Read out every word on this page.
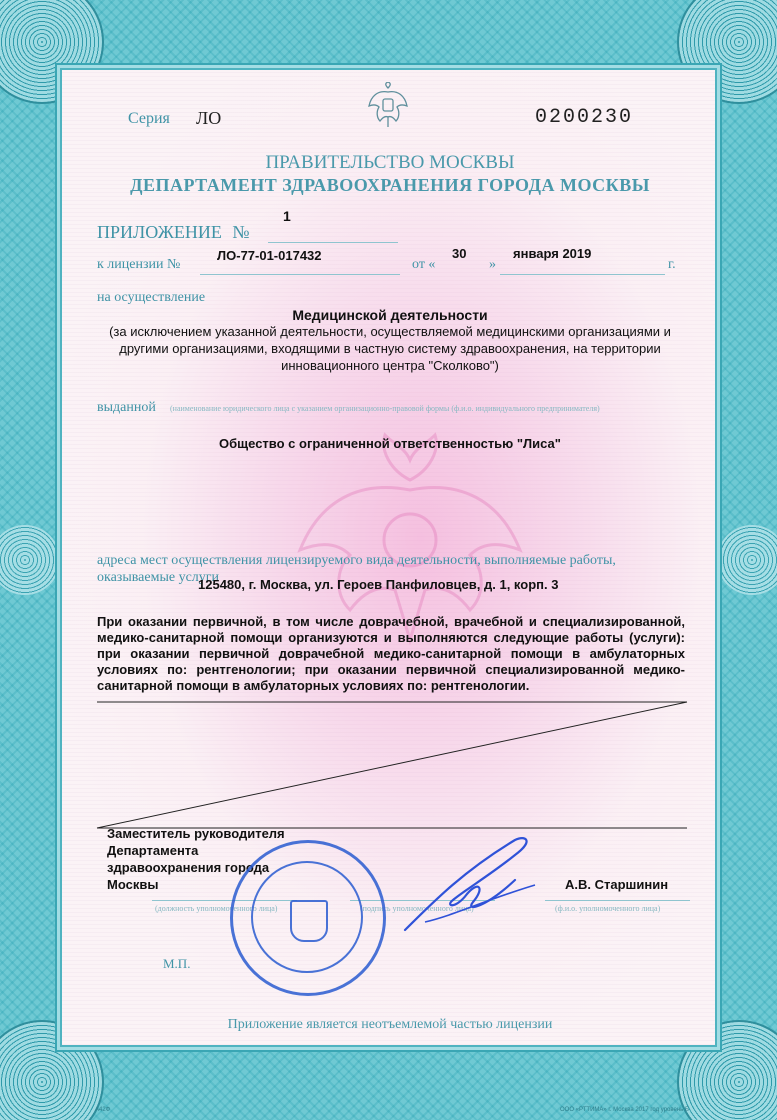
Серия ЛО	0200230
ПРАВИТЕЛЬСТВО МОСКВЫ
ДЕПАРТАМЕНТ ЗДРАВООХРАНЕНИЯ ГОРОДА МОСКВЫ
ПРИЛОЖЕНИЕ №
1
к лицензии №
ЛО-77-01-017432
от «
30
»
января 2019
г.
на осуществление
Медицинской деятельности
(за исключением указанной деятельности, осуществляемой медицинскими организациями и другими организациями, входящими в частную систему здравоохранения, на территории инновационного центра "Сколково")
выданной (наименование юридического лица с указанием организационно-правовой формы (ф.и.о. индивидуального предпринимателя)
Общество с ограниченной ответственностью "Лиса"
адреса мест осуществления лицензируемого вида деятельности, выполняемые работы, оказываемые услуги
125480, г. Москва, ул. Героев Панфиловцев, д. 1, корп. 3
При оказании первичной, в том числе доврачебной, врачебной и специализированной, медико-санитарной помощи организуются и выполняются следующие работы (услуги): при оказании первичной доврачебной медико-санитарной помощи в амбулаторных условиях по: рентгенологии; при оказании первичной специализированной медико-санитарной помощи в амбулаторных условиях по: рентгенологии.
Заместитель руководителя
Департамента
здравоохранения города
Москвы
(должность уполномоченного лица)	(подпись уполномоченного лица)	(ф.и.о. уполномоченного лица)
А.В. Старшинин
М.П.
Приложение является неотъемлемой частью лицензии
А42Ф	ООО «РТТИМА» г. Москва 2017 год уровень Б
